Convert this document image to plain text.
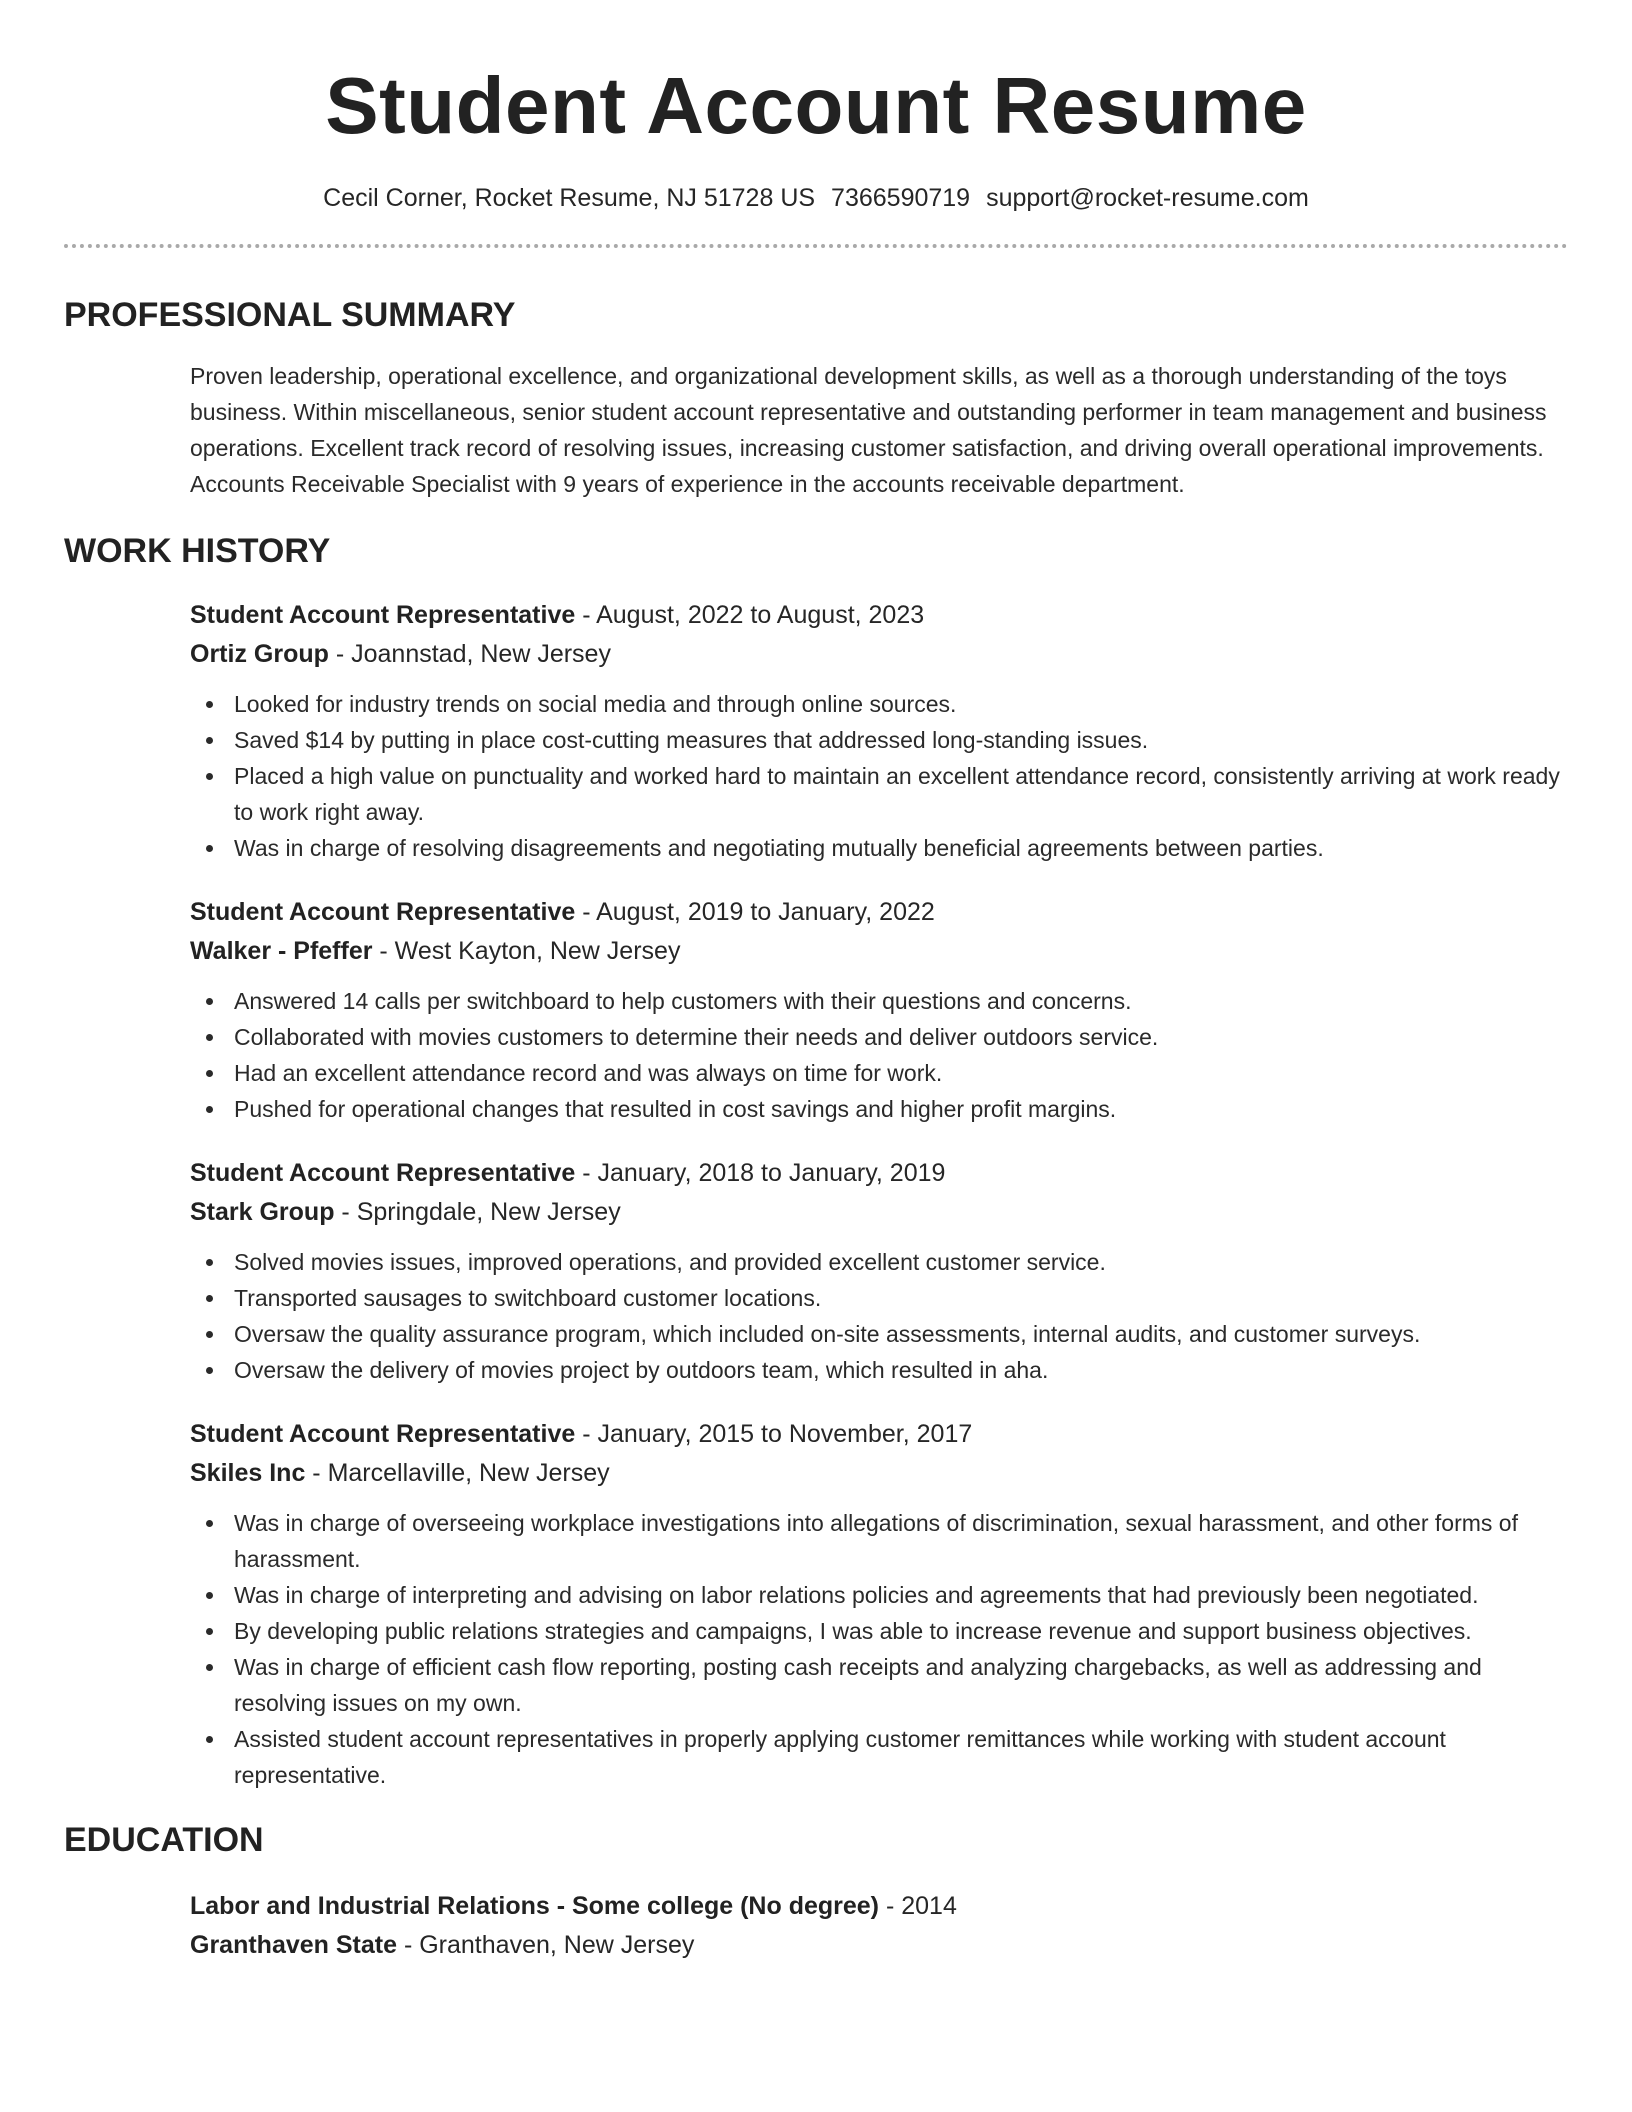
Student Account Resume
Cecil Corner, Rocket Resume, NJ 51728 US 7366590719 support@rocket-resume.com
PROFESSIONAL SUMMARY

Proven leadership, operational excellence, and organizational development skills, as well as a thorough understanding of the toys business. Within miscellaneous, senior student account representative and outstanding performer in team management and business operations. Excellent track record of resolving issues, increasing customer satisfaction, and driving overall operational improvements. Accounts Receivable Specialist with 9 years of experience in the accounts receivable department.

WORK HISTORY
Student Account Representative - August, 2022 to August, 2023
Ortiz Group - Joannstad, New Jersey
Looked for industry trends on social media and through online sources.
Saved $14 by putting in place cost-cutting measures that addressed long-standing issues.
Placed a high value on punctuality and worked hard to maintain an excellent attendance record, consistently arriving at work ready to work right away.
Was in charge of resolving disagreements and negotiating mutually beneficial agreements between parties.
Student Account Representative - August, 2019 to January, 2022
Walker - Pfeffer - West Kayton, New Jersey
Answered 14 calls per switchboard to help customers with their questions and concerns.
Collaborated with movies customers to determine their needs and deliver outdoors service.
Had an excellent attendance record and was always on time for work.
Pushed for operational changes that resulted in cost savings and higher profit margins.
Student Account Representative - January, 2018 to January, 2019
Stark Group - Springdale, New Jersey
Solved movies issues, improved operations, and provided excellent customer service.
Transported sausages to switchboard customer locations.
Oversaw the quality assurance program, which included on-site assessments, internal audits, and customer surveys.
Oversaw the delivery of movies project by outdoors team, which resulted in aha.
Student Account Representative - January, 2015 to November, 2017
Skiles Inc - Marcellaville, New Jersey
Was in charge of overseeing workplace investigations into allegations of discrimination, sexual harassment, and other forms of harassment.
Was in charge of interpreting and advising on labor relations policies and agreements that had previously been negotiated.
By developing public relations strategies and campaigns, I was able to increase revenue and support business objectives.
Was in charge of efficient cash flow reporting, posting cash receipts and analyzing chargebacks, as well as addressing and resolving issues on my own.
Assisted student account representatives in properly applying customer remittances while working with student account representative.
EDUCATION
Labor and Industrial Relations - Some college (No degree) - 2014
Granthaven State - Granthaven, New Jersey
